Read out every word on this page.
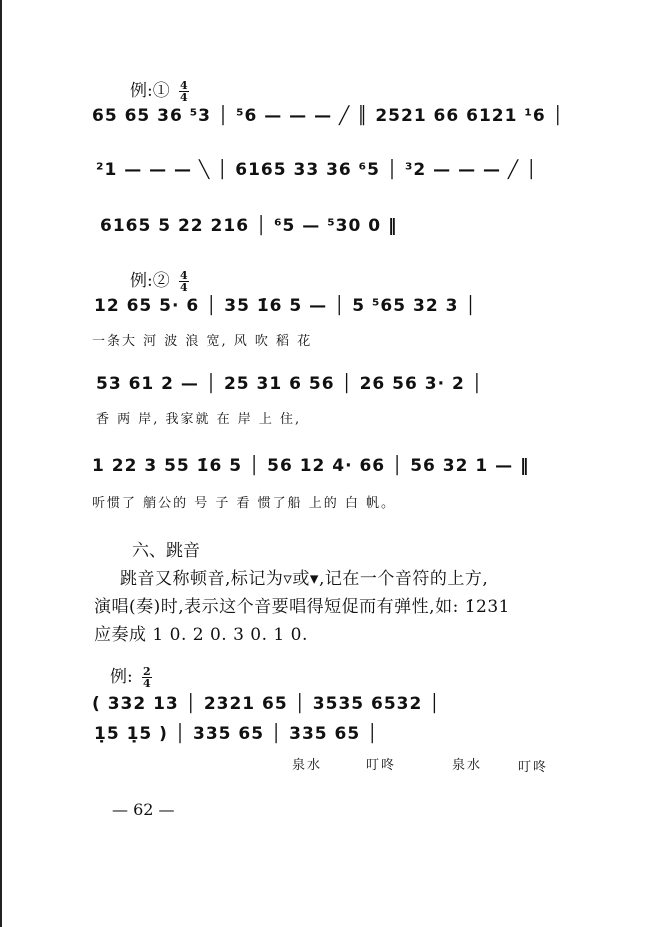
例:① $\frac{4}{4}$
65 65 36 ⁵3 │ ⁵6 — — — ╱ ║ 2521 66 6121 ¹6 │
²1 — — — ╲ │ 6165 33 36 ⁶5 │ ³2 — — — ╱ │
6165 5 22 216 │ ⁶5 — ⁵30 0 ‖
例:② $\frac{4}{4}$
12 65 5· 6 │ 35 1̇6 5 — │ 5 ⁵65 32 3 │
一条大 河 波 浪 宽, 风 吹 稻 花
53 61 2 — │ 25 31 6 56 │ 26 56 3· 2 │
香 两 岸, 我家就 在 岸 上 住,
1 22 3 55 1̇6 5 │ 56 12 4· 66 │ 56 32 1 — ‖
听惯了 艄公的 号 子 看 惯了船 上的 白 帆。
六、跳音
跳音又称顿音,标记为▿或▾,记在一个音符的上方,
演唱(奏)时,表示这个音要唱得短促而有弹性,如: 1̇231
应奏成 1 0. 2 0. 3 0. 1 0.
例: $\frac{2}{4}$
( 332 13 │ 2321 65 │ 3535 6532 │
1̣5 1̣5 ) │ 335 65 │ 335 65 │
泉水	叮咚	泉水	叮咚
— 62 —
